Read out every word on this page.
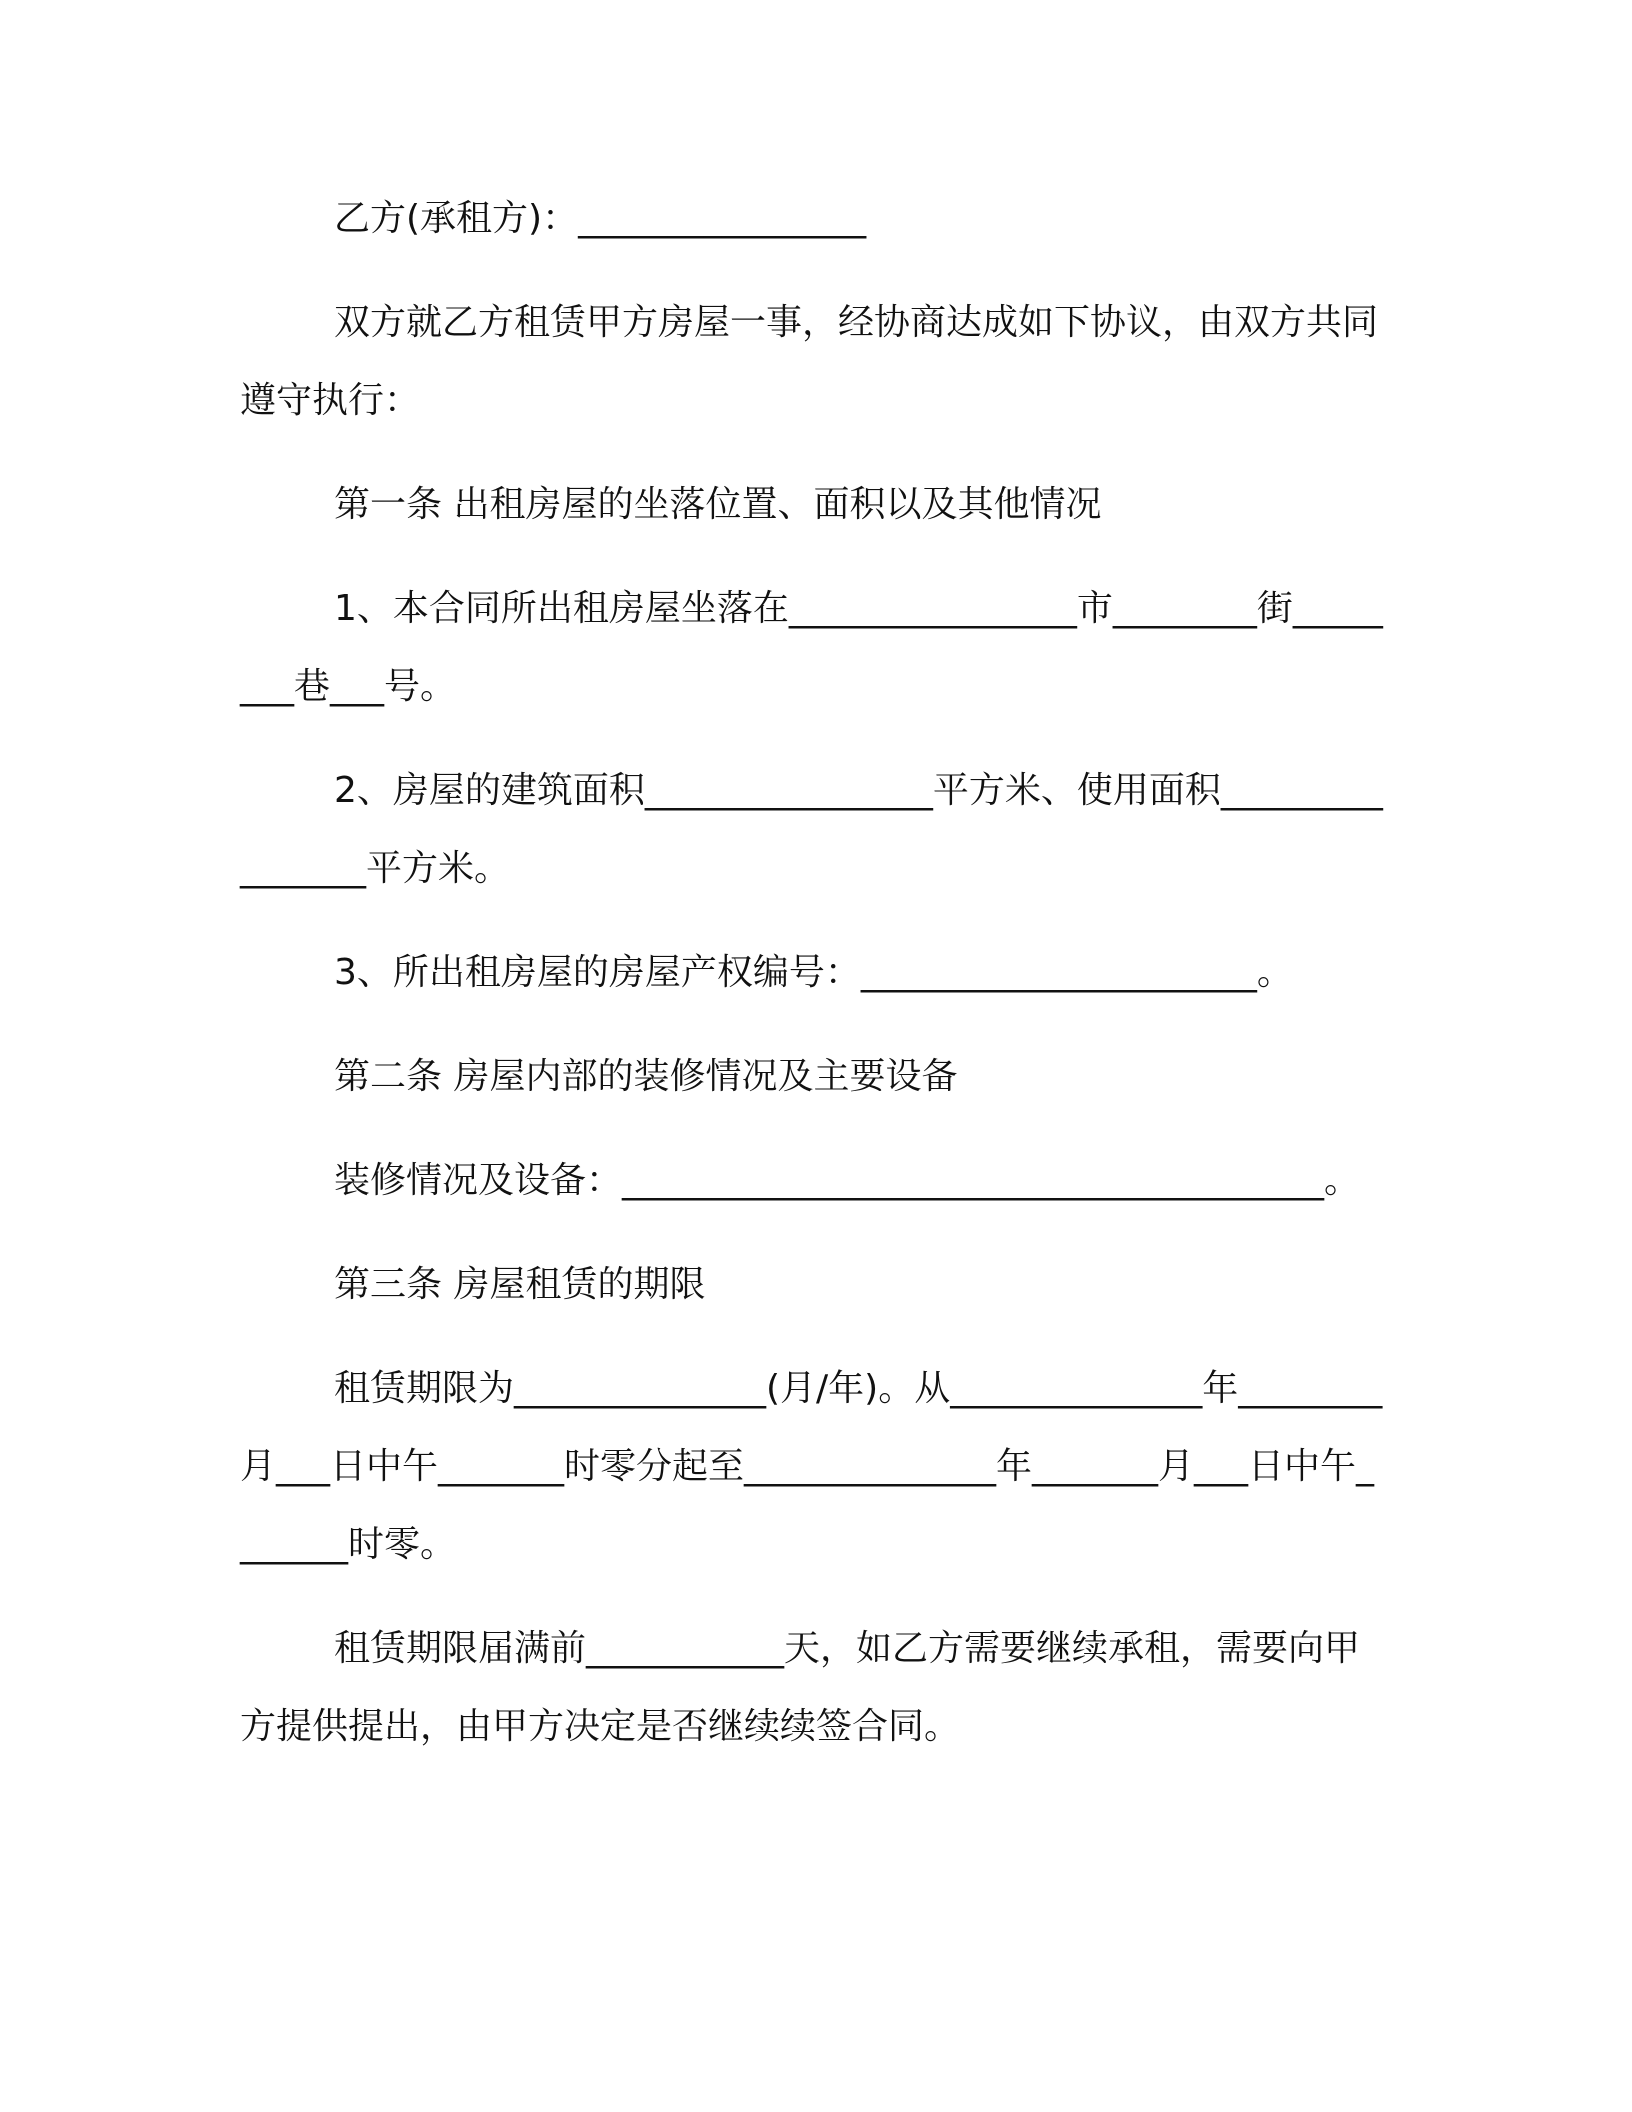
乙方(承租方)：________________

双方就乙方租赁甲方房屋一事，经协商达成如下协议，由双方共同遵守执行：

第一条 出租房屋的坐落位置、面积以及其他情况

1、本合同所出租房屋坐落在________________市________街________巷___号。

2、房屋的建筑面积________________平方米、使用面积________________平方米。

3、所出租房屋的房屋产权编号：______________________。

第二条 房屋内部的装修情况及主要设备

装修情况及设备：_______________________________________。

第三条 房屋租赁的期限

租赁期限为______________(月/年)。从______________年________月___日中午_______时零分起至______________年_______月___日中午_______时零。

租赁期限届满前___________天，如乙方需要继续承租，需要向甲方提供提出，由甲方决定是否继续续签合同。
